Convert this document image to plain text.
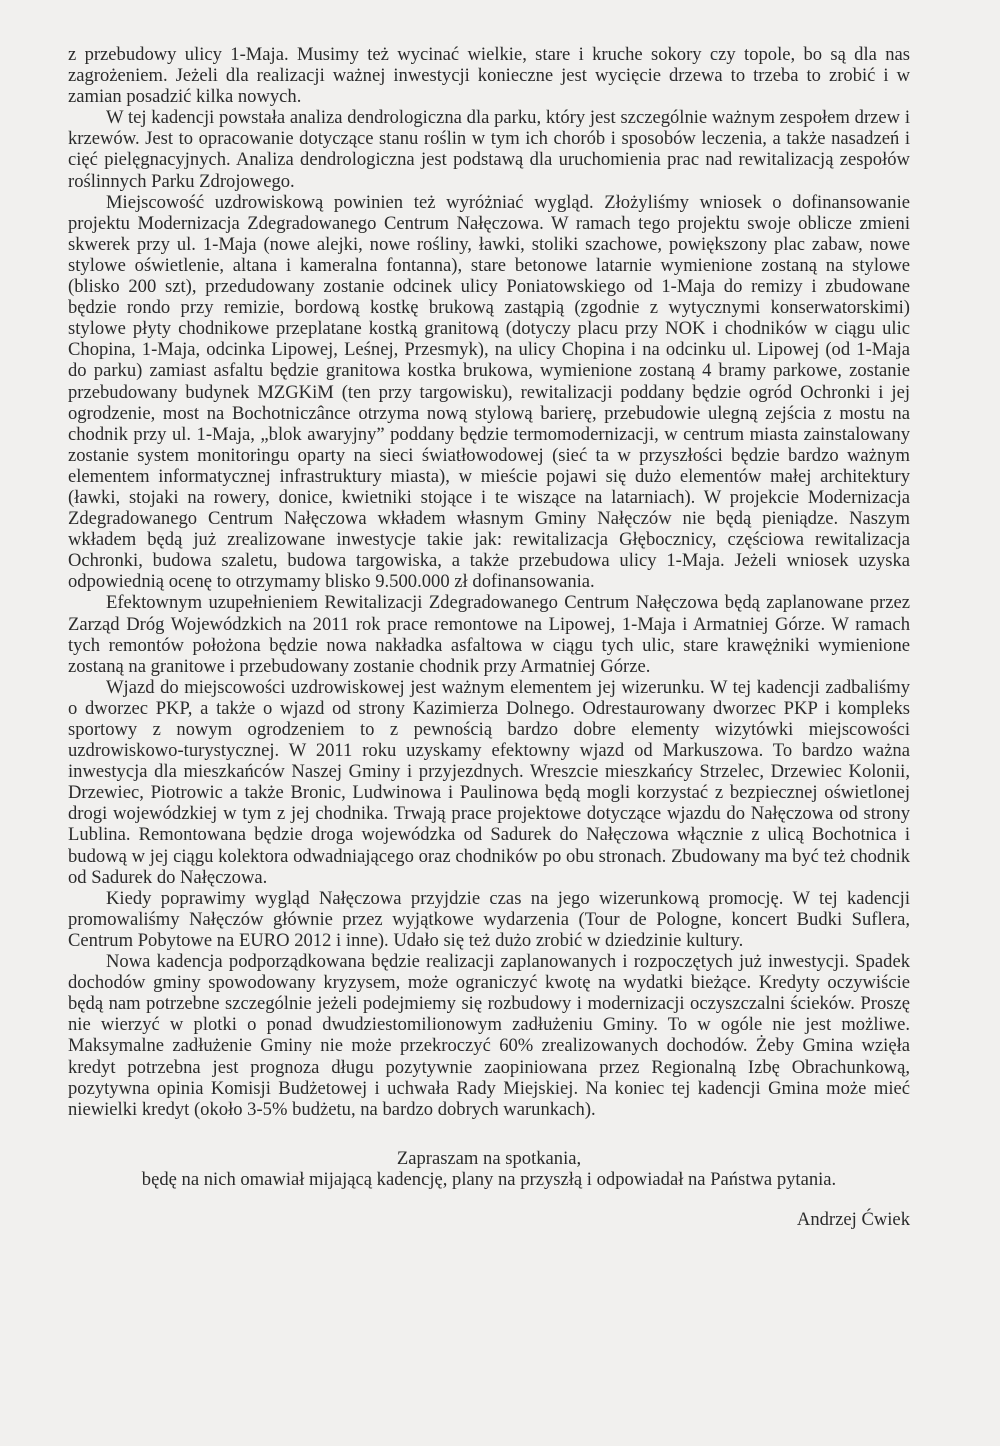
z przebudowy ulicy 1-Maja. Musimy też wycinać wielkie, stare i kruche sokory czy topole, bo są dla nas zagrożeniem. Jeżeli dla realizacji ważnej inwestycji konieczne jest wycięcie drzewa to trzeba to zrobić i w zamian posadzić kilka nowych.

W tej kadencji powstała analiza dendrologiczna dla parku, który jest szczególnie ważnym zespołem drzew i krzewów. Jest to opracowanie dotyczące stanu roślin w tym ich chorób i sposobów leczenia, a także nasadzeń i cięć pielęgnacyjnych. Analiza dendrologiczna jest podstawą dla uruchomienia prac nad rewitalizacją zespołów roślinnych Parku Zdrojowego.

Miejscowość uzdrowiskową powinien też wyróżniać wygląd. Złożyliśmy wniosek o dofinansowanie projektu Modernizacja Zdegradowanego Centrum Nałęczowa. W ramach tego projektu swoje oblicze zmieni skwerek przy ul. 1-Maja (nowe alejki, nowe rośliny, ławki, stoliki szachowe, powiększony plac zabaw, nowe stylowe oświetlenie, altana i kameralna fontanna), stare betonowe latarnie wymienione zostaną na stylowe (blisko 200 szt), przedudowany zostanie odcinek ulicy Poniatowskiego od 1-Maja do remizy i zbudowane będzie rondo przy remizie, bordową kostkę brukową zastąpią (zgodnie z wytycznymi konserwatorskimi) stylowe płyty chodnikowe przeplatane kostką granitową (dotyczy placu przy NOK i chodników w ciągu ulic Chopina, 1-Maja, odcinka Lipowej, Leśnej, Przesmyk), na ulicy Chopina i na odcinku ul. Lipowej (od 1-Maja do parku) zamiast asfaltu będzie granitowa kostka brukowa, wymienione zostaną 4 bramy parkowe, zostanie przebudowany budynek MZGKiM (ten przy targowisku), rewitalizacji poddany będzie ogród Ochronki i jej ogrodzenie, most na Bochotniczânce otrzyma nową stylową barierę, przebudowie ulegną zejścia z mostu na chodnik przy ul. 1-Maja, „blok awaryjny” poddany będzie termomodernizacji, w centrum miasta zainstalowany zostanie system monitoringu oparty na sieci światłowodowej (sieć ta w przyszłości będzie bardzo ważnym elementem informatycznej infrastruktury miasta), w mieście pojawi się dużo elementów małej architektury (ławki, stojaki na rowery, donice, kwietniki stojące i te wiszące na latarniach). W projekcie Modernizacja Zdegradowanego Centrum Nałęczowa wkładem własnym Gminy Nałęczów nie będą pieniądze. Naszym wkładem będą już zrealizowane inwestycje takie jak: rewitalizacja Głębocznicy, częściowa rewitalizacja Ochronki, budowa szaletu, budowa targowiska, a także przebudowa ulicy 1-Maja. Jeżeli wniosek uzyska odpowiednią ocenę to otrzymamy blisko 9.500.000 zł dofinansowania.

Efektownym uzupełnieniem Rewitalizacji Zdegradowanego Centrum Nałęczowa będą zaplanowane przez Zarząd Dróg Wojewódzkich na 2011 rok prace remontowe na Lipowej, 1-Maja i Armatniej Górze. W ramach tych remontów położona będzie nowa nakładka asfaltowa w ciągu tych ulic, stare krawężniki wymienione zostaną na granitowe i przebudowany zostanie chodnik przy Armatniej Górze.

Wjazd do miejscowości uzdrowiskowej jest ważnym elementem jej wizerunku. W tej kadencji zadbaliśmy o dworzec PKP, a także o wjazd od strony Kazimierza Dolnego. Odrestaurowany dworzec PKP i kompleks sportowy z nowym ogrodzeniem to z pewnością bardzo dobre elementy wizytówki miejscowości uzdrowiskowo-turystycznej. W 2011 roku uzyskamy efektowny wjazd od Markuszowa. To bardzo ważna inwestycja dla mieszkańców Naszej Gminy i przyjezdnych. Wreszcie mieszkańcy Strzelec, Drzewiec Kolonii, Drzewiec, Piotrowic a także Bronic, Ludwinowa i Paulinowa będą mogli korzystać z bezpiecznej oświetlonej drogi wojewódzkiej w tym z jej chodnika. Trwają prace projektowe dotyczące wjazdu do Nałęczowa od strony Lublina. Remontowana będzie droga wojewódzka od Sadurek do Nałęczowa włącznie z ulicą Bochotnica i budową w jej ciągu kolektora odwadniającego oraz chodników po obu stronach. Zbudowany ma być też chodnik od Sadurek do Nałęczowa.

Kiedy poprawimy wygląd Nałęczowa przyjdzie czas na jego wizerunkową promocję. W tej kadencji promowaliśmy Nałęczów głównie przez wyjątkowe wydarzenia (Tour de Pologne, koncert Budki Suflera, Centrum Pobytowe na EURO 2012 i inne). Udało się też dużo zrobić w dziedzinie kultury.

Nowa kadencja podporządkowana będzie realizacji zaplanowanych i rozpoczętych już inwestycji. Spadek dochodów gminy spowodowany kryzysem, może ograniczyć kwotę na wydatki bieżące. Kredyty oczywiście będą nam potrzebne szczególnie jeżeli podejmiemy się rozbudowy i modernizacji oczyszczalni ścieków. Proszę nie wierzyć w plotki o ponad dwudziestomilionowym zadłużeniu Gminy. To w ogóle nie jest możliwe. Maksymalne zadłużenie Gminy nie może przekroczyć 60% zrealizowanych dochodów. Żeby Gmina wzięła kredyt potrzebna jest prognoza długu pozytywnie zaopiniowana przez Regionalną Izbę Obrachunkową, pozytywna opinia Komisji Budżetowej i uchwała Rady Miejskiej. Na koniec tej kadencji Gmina może mieć niewielki kredyt (około 3-5% budżetu, na bardzo dobrych warunkach).

Zapraszam na spotkania,
będę na nich omawiał mijającą kadencję, plany na przyszłą i odpowiadał na Państwa pytania.
Andrzej Ćwiek
